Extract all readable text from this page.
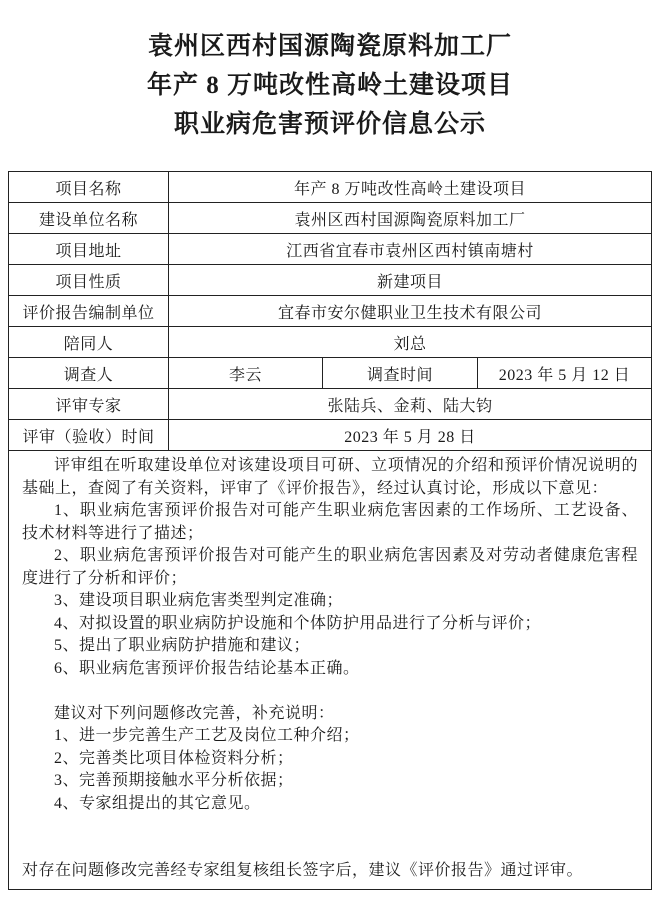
袁州区西村国源陶瓷原料加工厂
年产 8 万吨改性高岭土建设项目
职业病危害预评价信息公示
项目名称	年产 8 万吨改性高岭土建设项目		
建设单位名称	袁州区西村国源陶瓷原料加工厂		
项目地址	江西省宜春市袁州区西村镇南塘村		
项目性质	新建项目		
评价报告编制单位	宜春市安尔健职业卫生技术有限公司		
陪同人	刘总		
调查人	李云	调查时间	2023 年 5 月 12 日
评审专家	张陆兵、金莉、陆大钧		
评审（验收）时间	2023 年 5 月 28 日		

评审组在听取建设单位对该建设项目可研、立项情况的介绍和预评价情况说明的基础上，查阅了有关资料，评审了《评价报告》，经过认真讨论，形成以下意见：

1、职业病危害预评价报告对可能产生职业病危害因素的工作场所、工艺设备、技术材料等进行了描述；

2、职业病危害预评价报告对可能产生的职业病危害因素及对劳动者健康危害程度进行了分析和评价；

3、建设项目职业病危害类型判定准确；

4、对拟设置的职业病防护设施和个体防护用品进行了分析与评价；

5、提出了职业病防护措施和建议；

6、职业病危害预评价报告结论基本正确。

建议对下列问题修改完善，补充说明：

1、进一步完善生产工艺及岗位工种介绍；

2、完善类比项目体检资料分析；

3、完善预期接触水平分析依据；

4、专家组提出的其它意见。

对存在问题修改完善经专家组复核组长签字后，建议《评价报告》通过评审。
